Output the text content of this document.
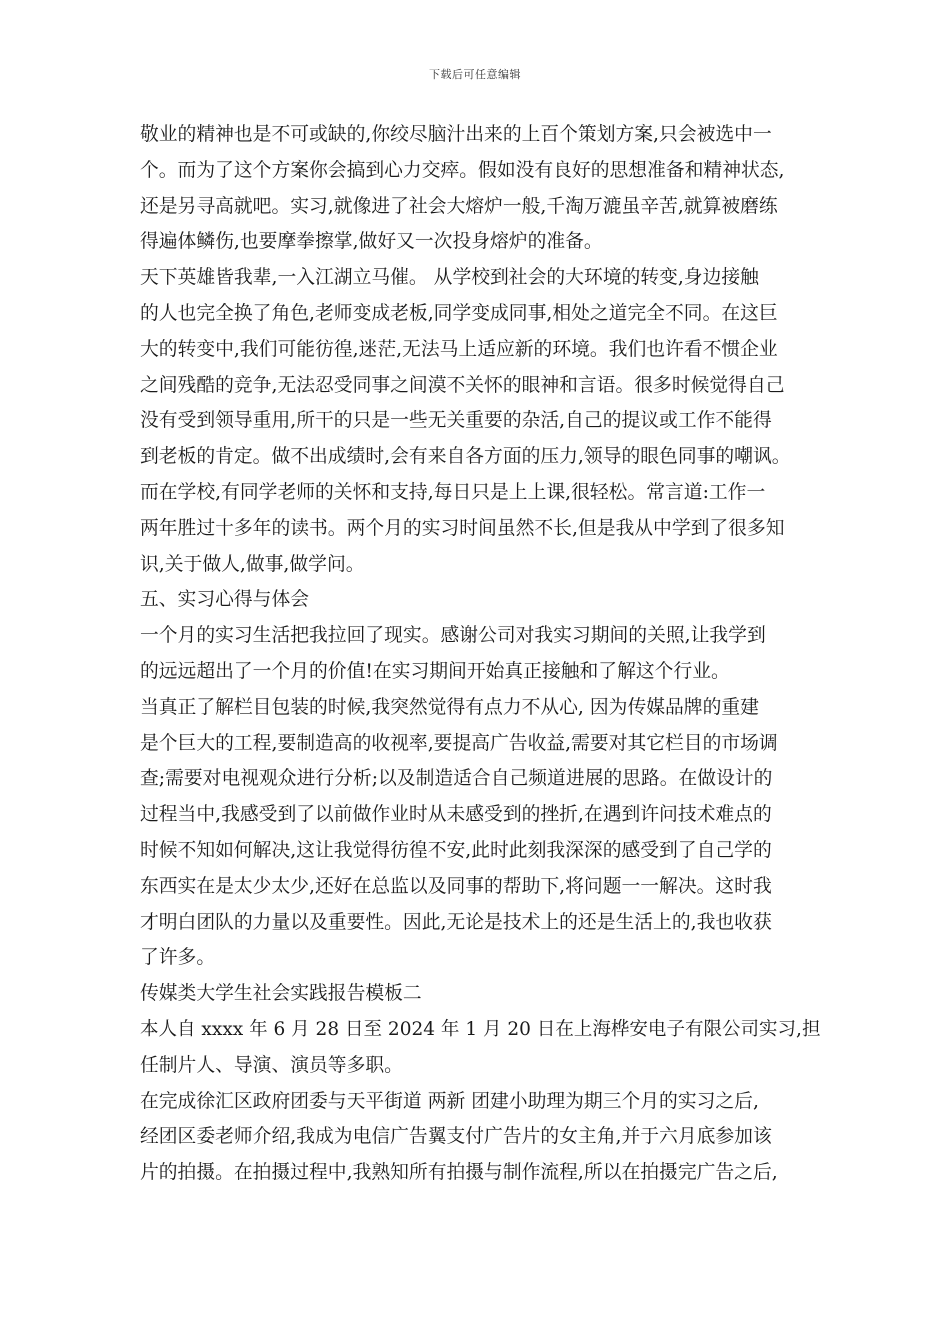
下载后可任意编辑
敬业的精神也是不可或缺的,你绞尽脑汁出来的上百个策划方案,只会被选中一
个。而为了这个方案你会搞到心力交瘁。假如没有良好的思想准备和精神状态,
还是另寻高就吧。实习,就像进了社会大熔炉一般,千淘万漉虽辛苦,就算被磨练
得遍体鳞伤,也要摩拳擦掌,做好又一次投身熔炉的准备。
天下英雄皆我辈,一入江湖立马催。 从学校到社会的大环境的转变,身边接触
的人也完全换了角色,老师变成老板,同学变成同事,相处之道完全不同。在这巨
大的转变中,我们可能彷徨,迷茫,无法马上适应新的环境。我们也许看不惯企业
之间残酷的竞争,无法忍受同事之间漠不关怀的眼神和言语。很多时候觉得自己
没有受到领导重用,所干的只是一些无关重要的杂活,自己的提议或工作不能得
到老板的肯定。做不出成绩时,会有来自各方面的压力,领导的眼色同事的嘲讽。
而在学校,有同学老师的关怀和支持,每日只是上上课,很轻松。常言道:工作一
两年胜过十多年的读书。两个月的实习时间虽然不长,但是我从中学到了很多知
识,关于做人,做事,做学问。
五、实习心得与体会
一个月的实习生活把我拉回了现实。感谢公司对我实习期间的关照,让我学到
的远远超出了一个月的价值!在实习期间开始真正接触和了解这个行业。
当真正了解栏目包装的时候,我突然觉得有点力不从心, 因为传媒品牌的重建
是个巨大的工程,要制造高的收视率,要提高广告收益,需要对其它栏目的市场调
查;需要对电视观众进行分析;以及制造适合自己频道进展的思路。在做设计的
过程当中,我感受到了以前做作业时从未感受到的挫折,在遇到许问技术难点的
时候不知如何解决,这让我觉得彷徨不安,此时此刻我深深的感受到了自己学的
东西实在是太少太少,还好在总监以及同事的帮助下,将问题一一解决。这时我
才明白团队的力量以及重要性。因此,无论是技术上的还是生活上的,我也收获
了许多。
传媒类大学生社会实践报告模板二
本人自 xxxx 年 6 月 28 日至 2024 年 1 月 20 日在上海桦安电子有限公司实习,担
任制片人、导演、演员等多职。
在完成徐汇区政府团委与天平街道 两新 团建小助理为期三个月的实习之后,
经团区委老师介绍,我成为电信广告翼支付广告片的女主角,并于六月底参加该
片的拍摄。在拍摄过程中,我熟知所有拍摄与制作流程,所以在拍摄完广告之后,
